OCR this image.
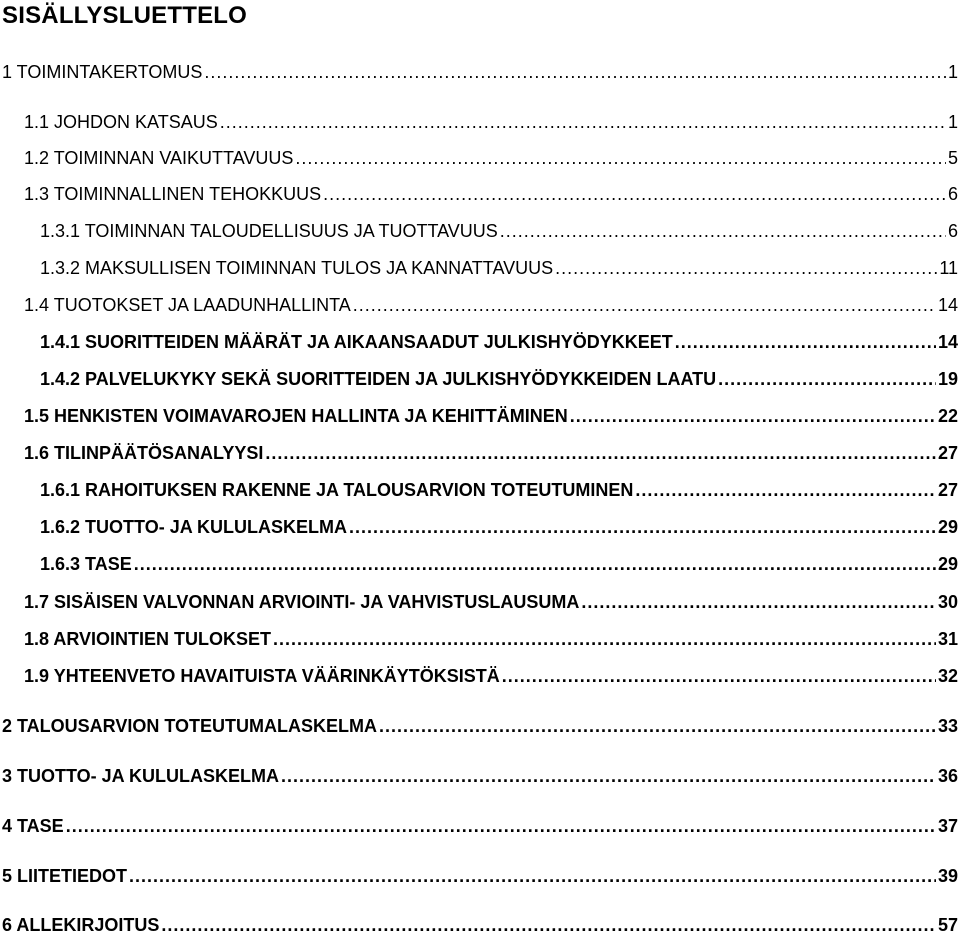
SISÄLLYSLUETTELO
1 TOIMINTAKERTOMUS .....	1
1.1 JOHDON KATSAUS .....	1
1.2 TOIMINNAN VAIKUTTAVUUS .....	5
1.3 TOIMINNALLINEN TEHOKKUUS .....	6
1.3.1 TOIMINNAN TALOUDELLISUUS JA TUOTTAVUUS .....	6
1.3.2 MAKSULLISEN TOIMINNAN TULOS JA KANNATTAVUUS .....	11
1.4 TUOTOKSET JA LAADUNHALLINTA .....	14
1.4.1 SUORITTEIDEN MÄÄRÄT JA AIKAANSAADUT JULKISHYÖDYKKEET .....	14
1.4.2 PALVELUKYKY SEKÄ SUORITTEIDEN JA JULKISHYÖDYKKEIDEN LAATU .....	19
1.5 HENKISTEN VOIMAVAROJEN HALLINTA JA KEHITTÄMINEN .....	22
1.6 TILINPÄÄTÖSANALYYSI .....	27
1.6.1 RAHOITUKSEN RAKENNE JA TALOUSARVION TOTEUTUMINEN .....	27
1.6.2 TUOTTO- JA KULULASKELMA .....	29
1.6.3 TASE .....	29
1.7 SISÄISEN VALVONNAN ARVIOINTI- JA VAHVISTUSLAUSUMA .....	30
1.8 ARVIOINTIEN TULOKSET .....	31
1.9 YHTEENVETO HAVAITUISTA VÄÄRINKÄYTÖKSISTÄ .....	32
2 TALOUSARVION TOTEUTUMALASKELMA .....	33
3 TUOTTO- JA KULULASKELMA .....	36
4 TASE .....	37
5 LIITETIEDOT .....	39
6 ALLEKIRJOITUS .....	57
